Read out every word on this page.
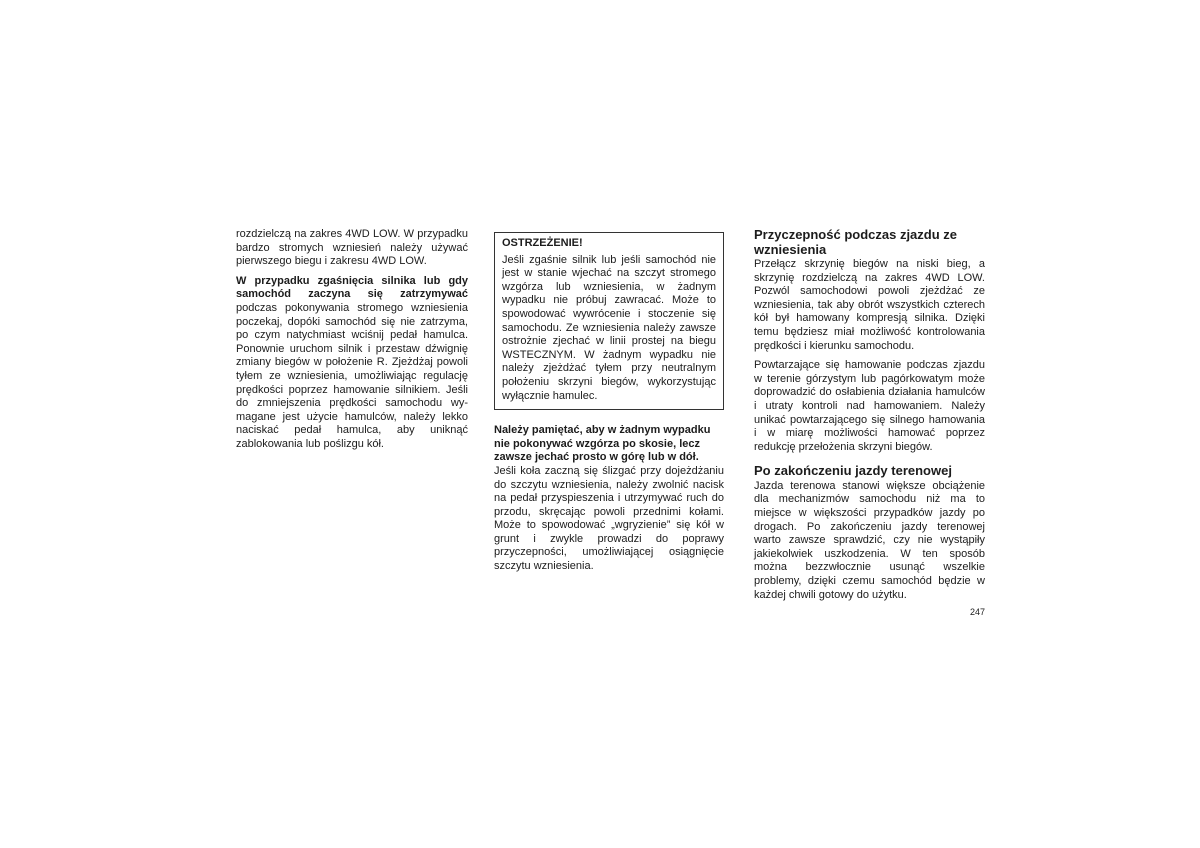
rozdzielczą na zakres 4WD LOW. W przypadku bardzo stromych wzniesień należy używać pierwszego biegu i zakresu 4WD LOW.

W przypadku zgaśnięcia silnika lub gdy samochód zaczyna się zatrzymywać podczas pokonywania stromego wzniesienia poczekaj, dopóki samochód się nie zatrzyma, po czym natychmiast wciśnij pedał hamulca. Ponownie uruchom silnik i przestaw dźwignię zmiany biegów w położenie R. Zjeżdżaj powoli tyłem ze wzniesienia, umożliwiając regulację prędkości poprzez hamowanie silnikiem. Jeśli do zmniejszenia prędkości samochodu wymagane jest użycie hamulców, należy lekko naciskać pedał hamulca, aby uniknąć zablokowania lub poślizgu kół.

OSTRZEŻENIE!

Jeśli zgaśnie silnik lub jeśli samochód nie jest w stanie wjechać na szczyt stromego wzgórza lub wzniesienia, w żadnym wypadku nie próbuj zawracać. Może to spowodować wywrócenie i stoczenie się samochodu. Ze wzniesienia należy zawsze ostrożnie zjechać w linii prostej na biegu WSTECZNYM. W żadnym wypadku nie należy zjeżdżać tyłem przy neutralnym położeniu skrzyni biegów, wykorzystując wyłącznie hamulec.

Należy pamiętać, aby w żadnym wypadku nie pokonywać wzgórza po skosie, lecz zawsze jechać prosto w górę lub w dół.

Jeśli koła zaczną się ślizgać przy dojeżdżaniu do szczytu wzniesienia, należy zwolnić nacisk na pedał przyspieszenia i utrzymywać ruch do przodu, skręcając powoli przednimi kołami. Może to spowodować „wgryzienie” się kół w grunt i zwykle prowadzi do poprawy przyczepności, umożliwiającej osiągnięcie szczytu wzniesienia.

Przyczepność podczas zjazdu ze wzniesienia

Przełącz skrzynię biegów na niski bieg, a skrzynię rozdzielczą na zakres 4WD LOW. Pozwól samochodowi powoli zjeżdżać ze wzniesienia, tak aby obrót wszystkich czterech kół był hamowany kompresją silnika. Dzięki temu będziesz miał możliwość kontrolowania prędkości i kierunku samochodu.

Powtarzające się hamowanie podczas zjazdu w terenie górzystym lub pagórkowatym może doprowadzić do osłabienia działania hamulców i utraty kontroli nad hamowaniem. Należy unikać powtarzającego się silnego hamowania i w miarę możliwości hamować poprzez redukcję przełożenia skrzyni biegów.

Po zakończeniu jazdy terenowej

Jazda terenowa stanowi większe obciążenie dla mechanizmów samochodu niż ma to miejsce w większości przypadków jazdy po drogach. Po zakończeniu jazdy terenowej warto zawsze sprawdzić, czy nie wystąpiły jakiekolwiek uszkodzenia. W ten sposób można bezzwłocznie usunąć wszelkie problemy, dzięki czemu samochód będzie w każdej chwili gotowy do użytku.

247
